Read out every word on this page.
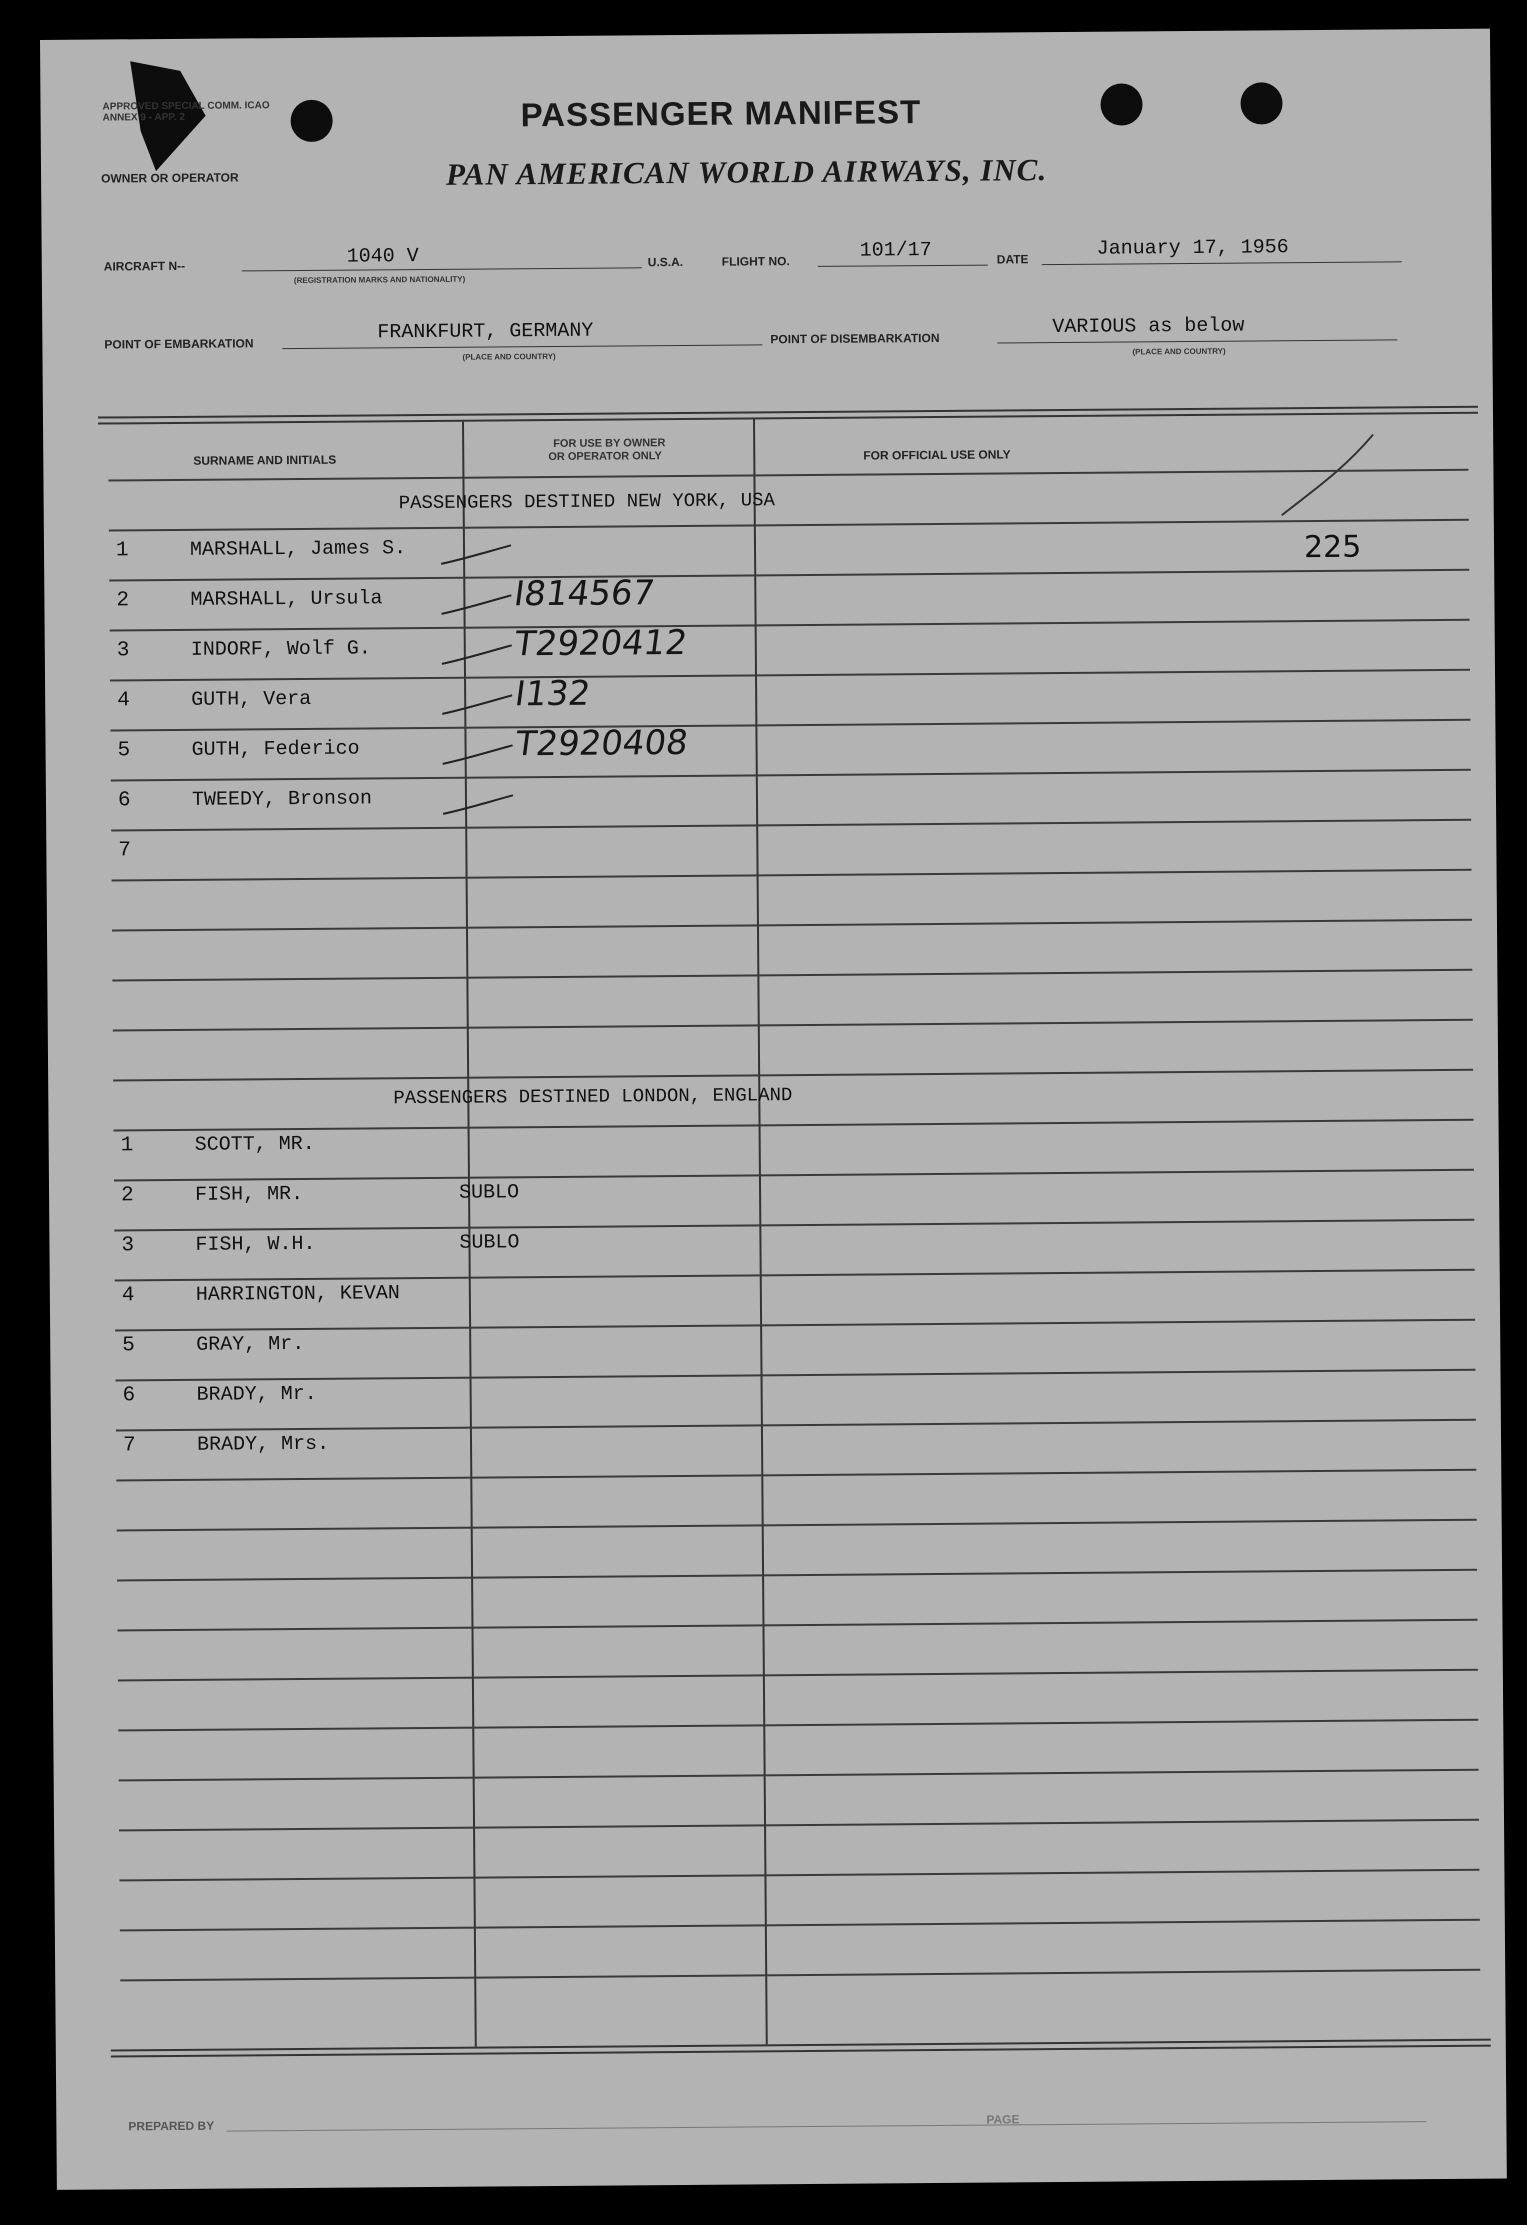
APPROVED SPECIAL COMM. ICAO ANNEX 9 - APP. 2
OWNER OR OPERATOR
PASSENGER MANIFEST
PAN AMERICAN WORLD AIRWAYS, INC.
AIRCRAFT N--	1040 V
(REGISTRATION MARKS AND NATIONALITY)
U.S.A.	FLIGHT NO.	101/17	DATE	January 17, 1956
POINT OF EMBARKATION	FRANKFURT, GERMANY
(PLACE AND COUNTRY)
POINT OF DISEMBARKATION	VARIOUS as below
(PLACE AND COUNTRY)
SURNAME AND INITIALS
FOR USE BY OWNER
OR OPERATOR ONLY	FOR OFFICIAL USE ONLY
PASSENGERS DESTINED NEW YORK, USA
225
1	MARSHALL, James S.
2	MARSHALL, Ursula	I814567
3	INDORF, Wolf G.	T2920412
4	GUTH, Vera	I132
5	GUTH, Federico	T2920408
6	TWEEDY, Bronson
7
PASSENGERS DESTINED LONDON, ENGLAND
1	SCOTT, MR.
2	FISH, MR.	SUBLO
3	FISH, W.H.	SUBLO
4	HARRINGTON, KEVAN
5	GRAY, Mr.
6	BRADY, Mr.
7	BRADY, Mrs.
PREPARED BY	PAGE
